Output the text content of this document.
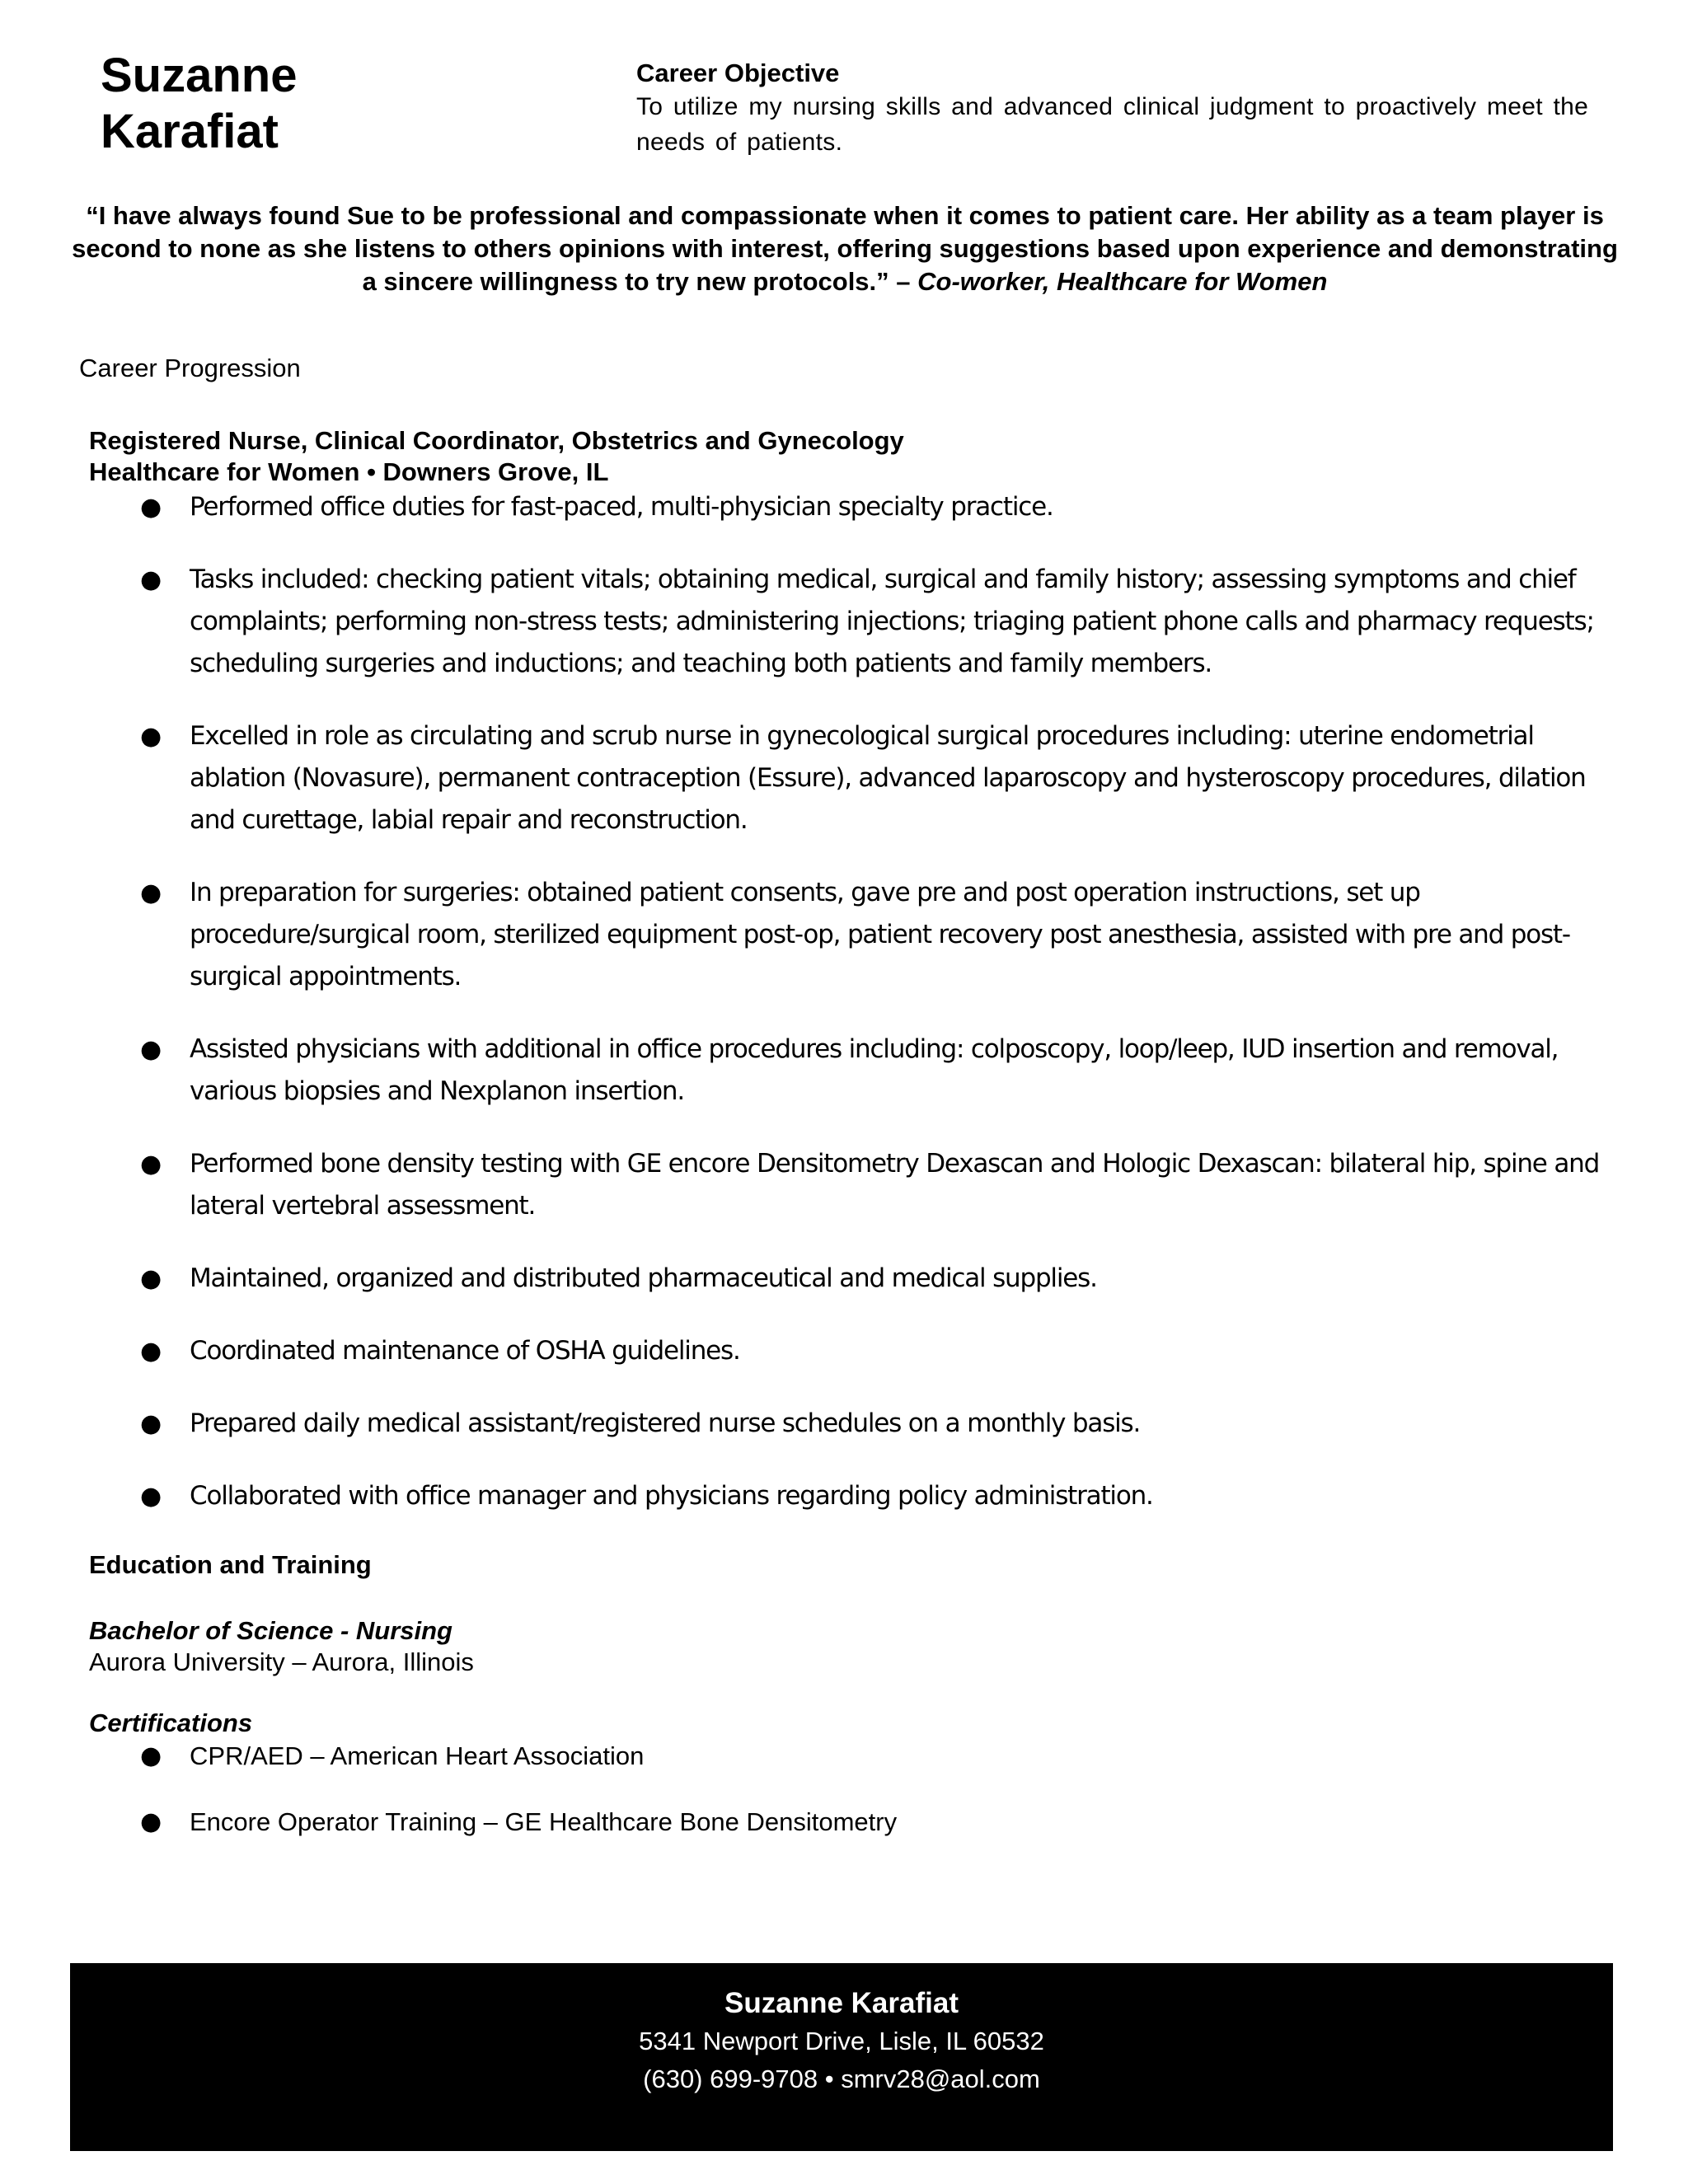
Suzanne
Karafiat
Career Objective
To utilize my nursing skills and advanced clinical judgment to proactively meet the needs of patients.
“I have always found Sue to be professional and compassionate when it comes to patient care. Her ability as a team player is second to none as she listens to others opinions with interest, offering suggestions based upon experience and demonstrating a sincere willingness to try new protocols.” – Co-worker, Healthcare for Women
Career Progression
Registered Nurse, Clinical Coordinator, Obstetrics and Gynecology
Healthcare for Women • Downers Grove, IL
● Performed office duties for fast-paced, multi-physician specialty practice.
● Tasks included: checking patient vitals; obtaining medical, surgical and family history; assessing symptoms and chief complaints; performing non-stress tests; administering injections; triaging patient phone calls and pharmacy requests; scheduling surgeries and inductions; and teaching both patients and family members.
● Excelled in role as circulating and scrub nurse in gynecological surgical procedures including: uterine endometrial ablation (Novasure), permanent contraception (Essure), advanced laparoscopy and hysteroscopy procedures, dilation and curettage, labial repair and reconstruction.
● In preparation for surgeries: obtained patient consents, gave pre and post operation instructions, set up procedure/surgical room, sterilized equipment post-op, patient recovery post anesthesia, assisted with pre and post-surgical appointments.
● Assisted physicians with additional in office procedures including: colposcopy, loop/leep, IUD insertion and removal, various biopsies and Nexplanon insertion.
● Performed bone density testing with GE encore Densitometry Dexascan and Hologic Dexascan: bilateral hip, spine and lateral vertebral assessment.
● Maintained, organized and distributed pharmaceutical and medical supplies.
● Coordinated maintenance of OSHA guidelines.
● Prepared daily medical assistant/registered nurse schedules on a monthly basis.
● Collaborated with office manager and physicians regarding policy administration.
Education and Training
Bachelor of Science - Nursing
Aurora University – Aurora, Illinois
Certifications
● CPR/AED – American Heart Association
● Encore Operator Training – GE Healthcare Bone Densitometry
Suzanne Karafiat
5341 Newport Drive, Lisle, IL 60532
(630) 699-9708 • smrv28@aol.com
